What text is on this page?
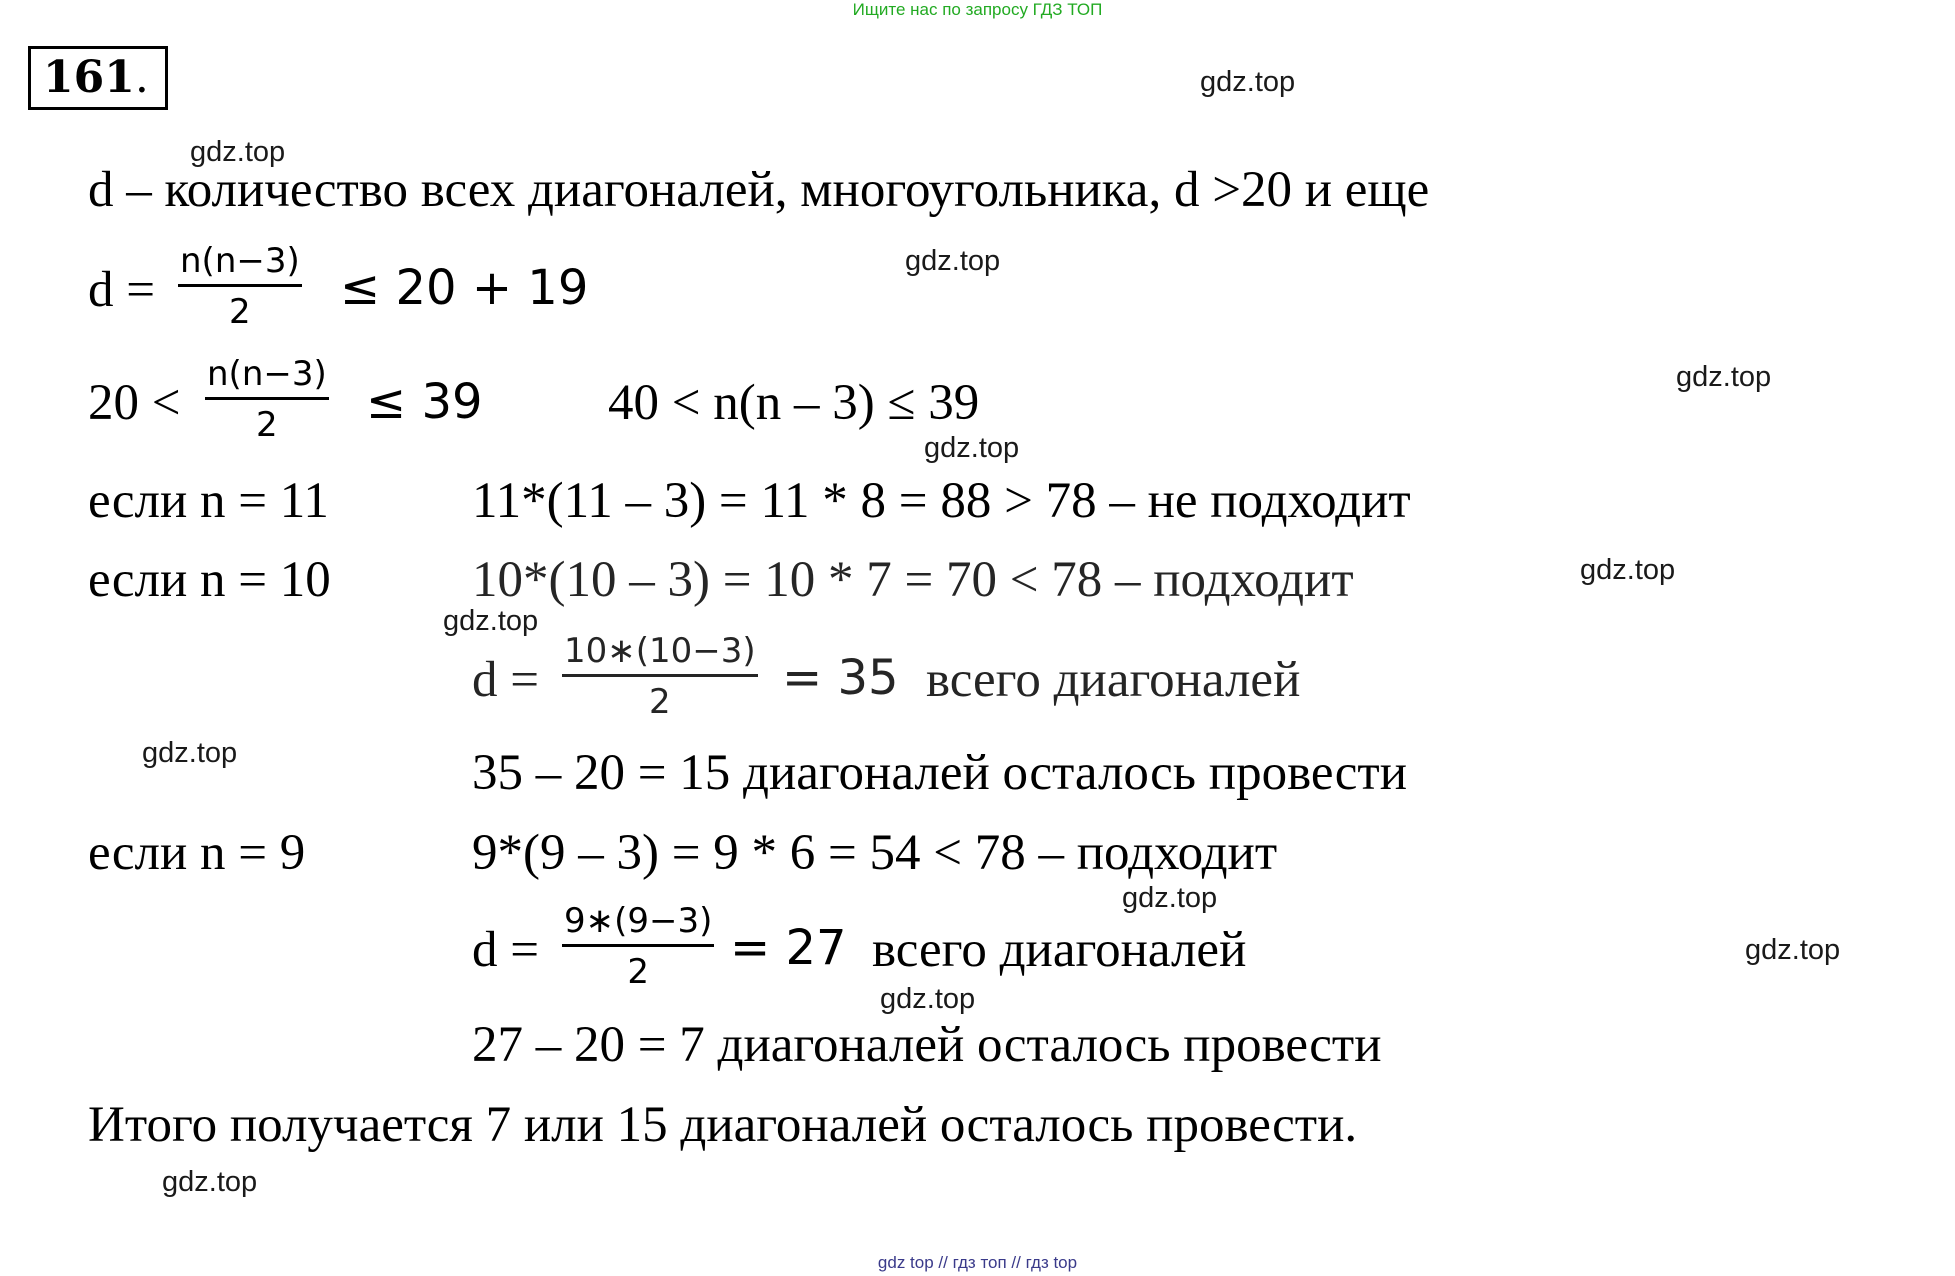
Ищите нас по запросу ГДЗ ТОП
161.
d – количество всех диагоналей, многоугольника, d >20 и еще
d =
n(n−3)
2	≤ 20 + 19
20 <
n(n−3)
2	≤ 39 40 < n(n – 3) ≤ 39
если n = 11	11*(11 – 3) = 11 * 8 = 88 > 78 – не подходит
если n = 10	10*(10 – 3) = 10 * 7 = 70 < 78 – подходит
d =
10∗(10−3)
2	= 35 всего диагоналей
35 – 20 = 15 диагоналей осталось провести
если n = 9	9*(9 – 3) = 9 * 6 = 54 < 78 – подходит
d =
9∗(9−3)
2	= 27 всего диагоналей
27 – 20 = 7 диагоналей осталось провести
Итого получается 7 или 15 диагоналей осталось провести.
gdz.top
gdz.top
gdz.top
gdz.top
gdz.top
gdz.top
gdz.top
gdz.top
gdz.top
gdz.top
gdz.top
gdz.top
gdz top // гдз топ // гдз top
